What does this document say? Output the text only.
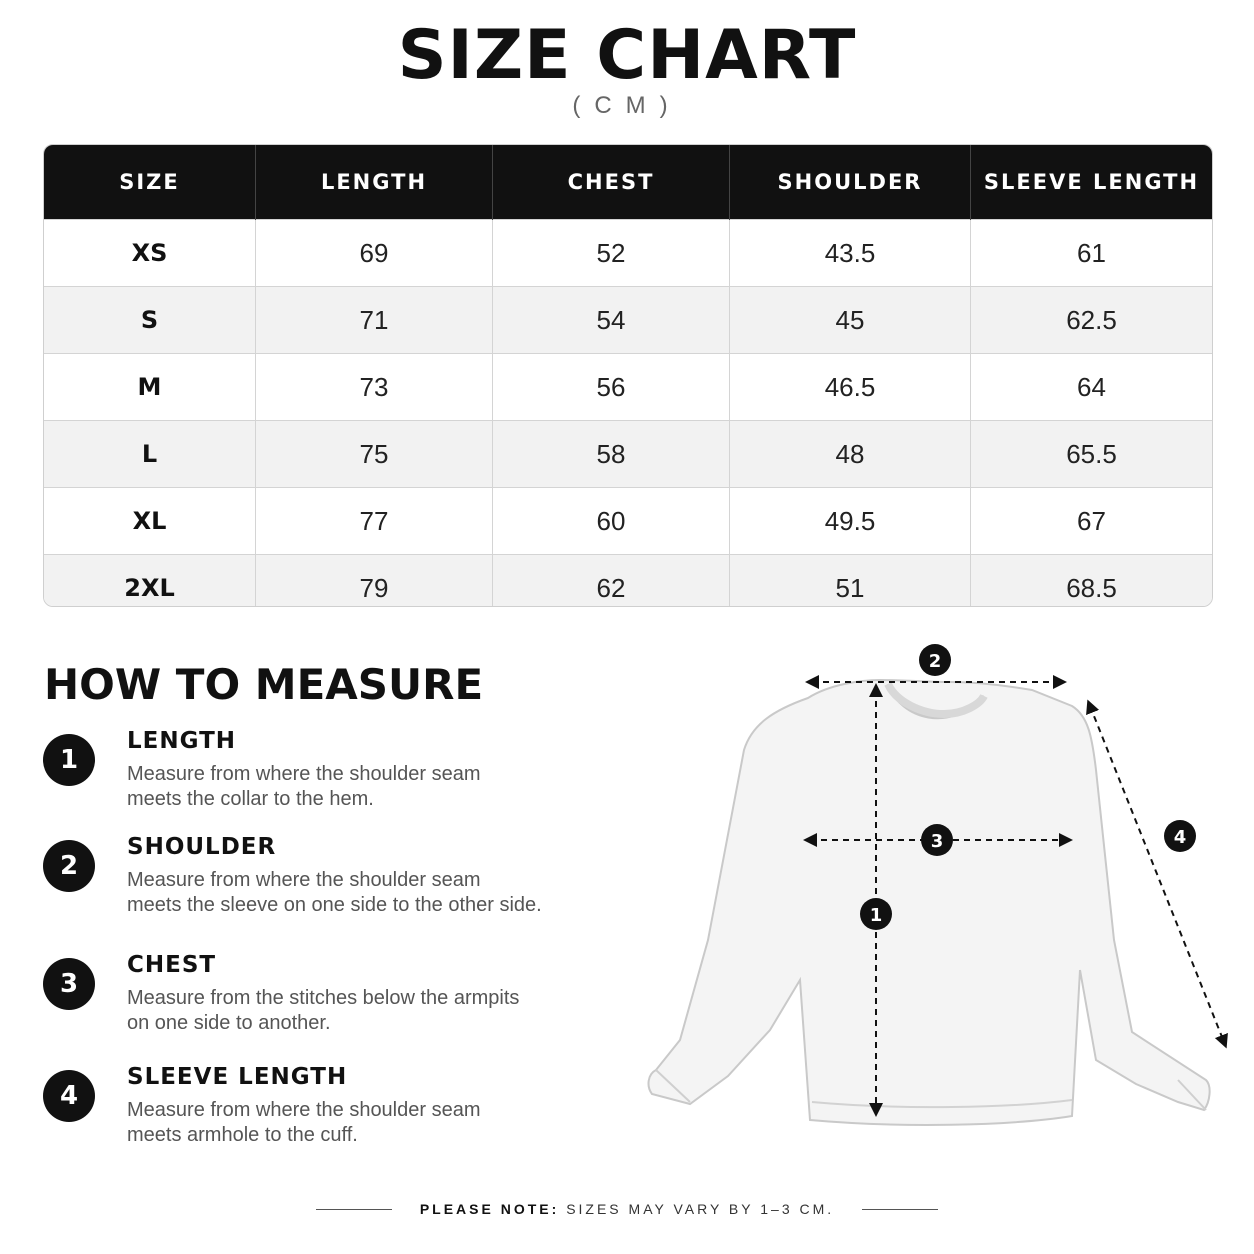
SIZE CHART
(CM)
SIZE	LENGTH	CHEST	SHOULDER	SLEEVE LENGTH
XS	69	52	43.5	61
S	71	54	45	62.5
M	73	56	46.5	64
L	75	58	48	65.5
XL	77	60	49.5	67
2XL	79	62	51	68.5
HOW TO MEASURE
1
LENGTH
Measure from where the shoulder seam
meets the collar to the hem.
2
SHOULDER
Measure from where the shoulder seam
meets the sleeve on one side to the other side.
3
CHEST
Measure from the stitches below the armpits
on one side to another.
4
SLEEVE LENGTH
Measure from where the shoulder seam
meets armhole to the cuff.
2
3
1
4
PLEASE NOTE: SIZES MAY VARY BY 1–3 CM.
